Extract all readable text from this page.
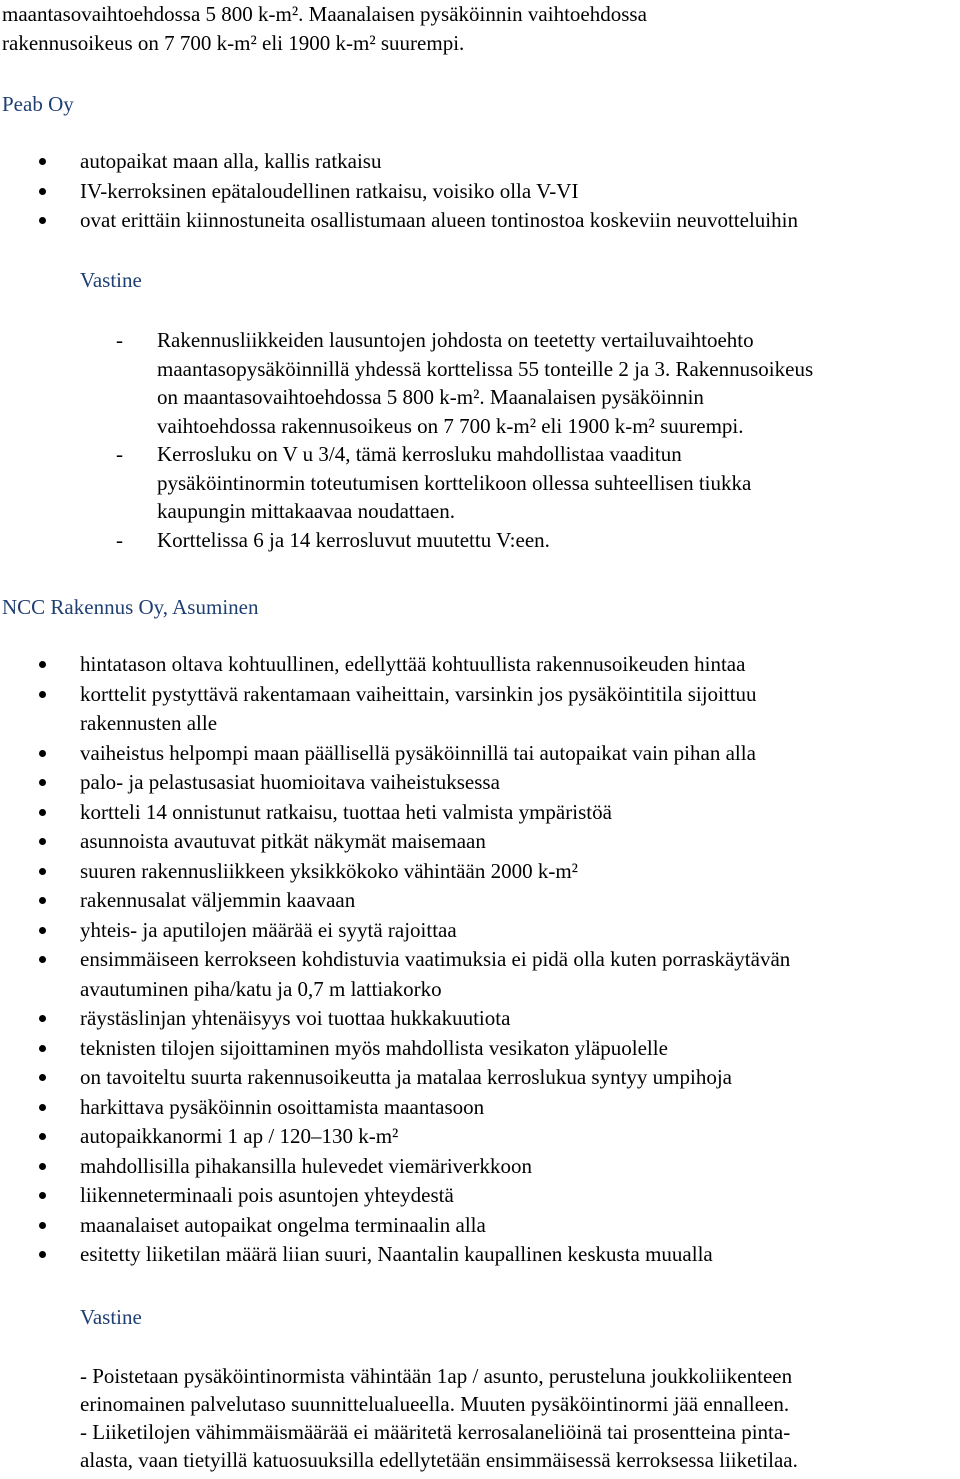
maantasovaihtoehdossa 5 800 k-m². Maanalaisen pysäköinnin vaihtoehdossa
rakennusoikeus on 7 700 k-m² eli 1900 k-m² suurempi.
Peab Oy
autopaikat maan alla, kallis ratkaisu
IV-kerroksinen epätaloudellinen ratkaisu, voisiko olla V-VI
ovat erittäin kiinnostuneita osallistumaan alueen tontinostoa koskeviin neuvotteluihin
Vastine
- Rakennusliikkeiden lausuntojen johdosta on teetetty vertailuvaihtoehto
maantasopysäköinnillä yhdessä korttelissa 55 tonteille 2 ja 3. Rakennusoikeus
on maantasovaihtoehdossa 5 800 k-m². Maanalaisen pysäköinnin
vaihtoehdossa rakennusoikeus on 7 700 k-m² eli 1900 k-m² suurempi.
- Kerrosluku on V u 3/4, tämä kerrosluku mahdollistaa vaaditun
pysäköintinormin toteutumisen korttelikoon ollessa suhteellisen tiukka
kaupungin mittakaavaa noudattaen.
- Korttelissa 6 ja 14 kerrosluvut muutettu V:een.
NCC Rakennus Oy, Asuminen
hintatason oltava kohtuullinen, edellyttää kohtuullista rakennusoikeuden hintaa
korttelit pystyttävä rakentamaan vaiheittain, varsinkin jos pysäköintitila sijoittuu
rakennusten alle
vaiheistus helpompi maan päällisellä pysäköinnillä tai autopaikat vain pihan alla
palo- ja pelastusasiat huomioitava vaiheistuksessa
kortteli 14 onnistunut ratkaisu, tuottaa heti valmista ympäristöä
asunnoista avautuvat pitkät näkymät maisemaan
suuren rakennusliikkeen yksikkökoko vähintään 2000 k-m²
rakennusalat väljemmin kaavaan
yhteis- ja aputilojen määrää ei syytä rajoittaa
ensimmäiseen kerrokseen kohdistuvia vaatimuksia ei pidä olla kuten porraskäytävän
avautuminen piha/katu ja 0,7 m lattiakorko
räystäslinjan yhtenäisyys voi tuottaa hukkakuutiota
teknisten tilojen sijoittaminen myös mahdollista vesikaton yläpuolelle
on tavoiteltu suurta rakennusoikeutta ja matalaa kerroslukua syntyy umpihoja
harkittava pysäköinnin osoittamista maantasoon
autopaikkanormi 1 ap / 120–130 k-m²
mahdollisilla pihakansilla hulevedet viemäriverkkoon
liikenneterminaali pois asuntojen yhteydestä
maanalaiset autopaikat ongelma terminaalin alla
esitetty liiketilan määrä liian suuri, Naantalin kaupallinen keskusta muualla
Vastine
- Poistetaan pysäköintinormista vähintään 1ap / asunto, perusteluna joukkoliikenteen
erinomainen palvelutaso suunnittelualueella. Muuten pysäköintinormi jää ennalleen.
- Liiketilojen vähimmäismäärää ei määritetä kerrosalaneliöinä tai prosentteina pinta-
alasta, vaan tietyillä katuosuuksilla edellytetään ensimmäisessä kerroksessa liiketilaa.
